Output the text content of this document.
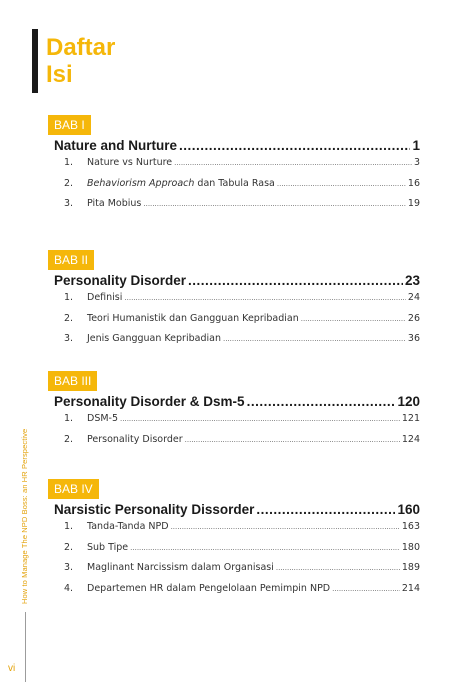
Daftar
Isi
How to Manage The NPD Boss: an HR Perspective
vi
BAB I
Nature and Nurture .....	1
1.	Nature vs Nurture .....	3
2.	Behaviorism Approach dan Tabula Rasa .....	16
3.	Pita Mobius .....	19
BAB II
Personality Disorder .....	23
1.	Definisi .....	24
2.	Teori Humanistik dan Gangguan Kepribadian .....	26
3.	Jenis Gangguan Kepribadian .....	36
BAB III
Personality Disorder & Dsm-5 .....	120
1.	DSM-5 .....	121
2.	Personality Disorder .....	124
BAB IV
Narsistic Personality Dissorder .....	160
1.	Tanda-Tanda NPD .....	163
2.	Sub Tipe .....	180
3.	Maglinant Narcissism dalam Organisasi .....	189
4.	Departemen HR dalam Pengelolaan Pemimpin NPD .....	214
